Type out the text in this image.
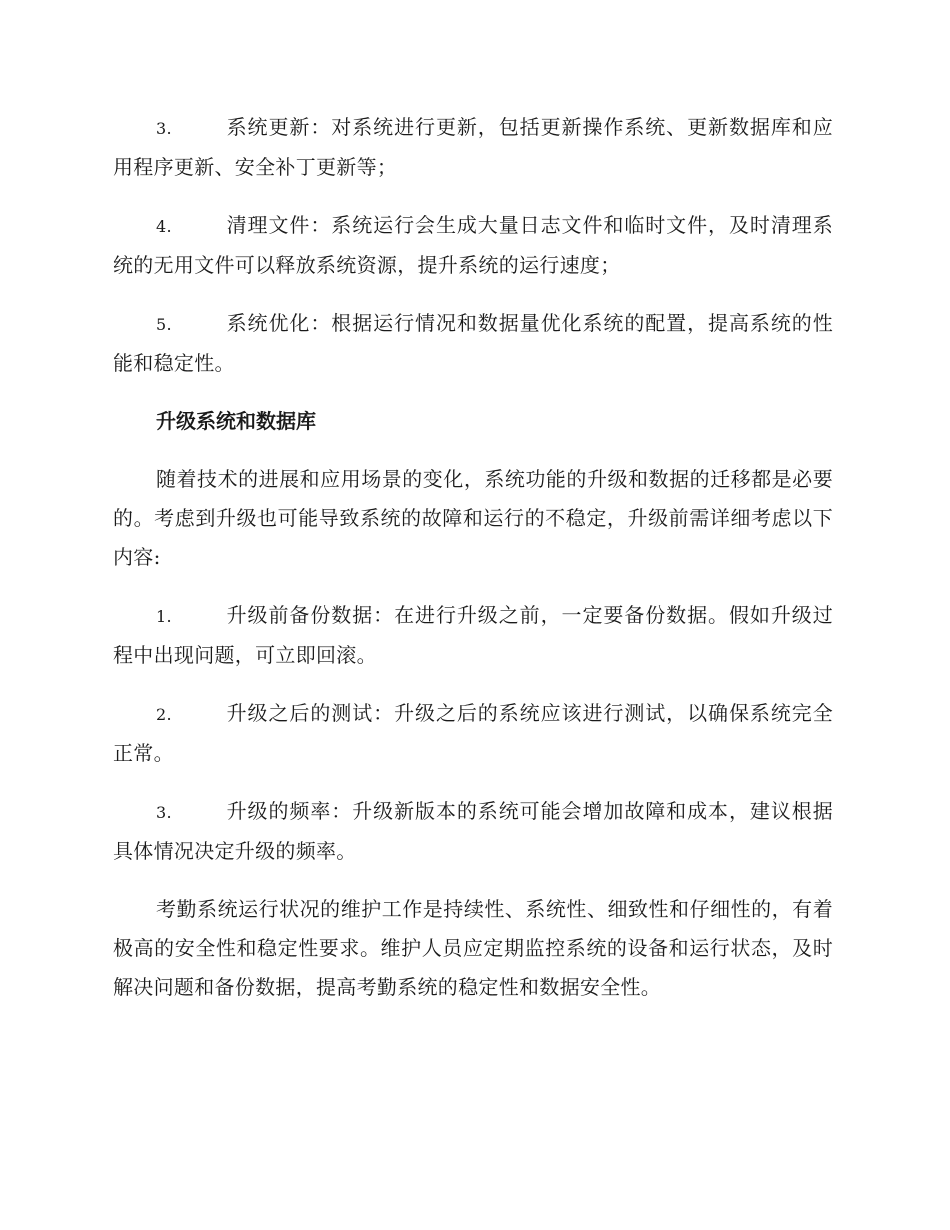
3.	系统更新：对系统进行更新，包括更新操作系统、更新数据库和应用程序更新、安全补丁更新等；

4.	清理文件：系统运行会生成大量日志文件和临时文件，及时清理系统的无用文件可以释放系统资源，提升系统的运行速度；

5.	系统优化：根据运行情况和数据量优化系统的配置，提高系统的性能和稳定性。

升级系统和数据库

随着技术的进展和应用场景的变化，系统功能的升级和数据的迁移都是必要的。考虑到升级也可能导致系统的故障和运行的不稳定，升级前需详细考虑以下内容:

1.	升级前备份数据：在进行升级之前，一定要备份数据。假如升级过程中出现问题，可立即回滚。

2.	升级之后的测试：升级之后的系统应该进行测试，以确保系统完全正常。

3.	升级的频率：升级新版本的系统可能会增加故障和成本，建议根据具体情况决定升级的频率。

考勤系统运行状况的维护工作是持续性、系统性、细致性和仔细性的，有着极高的安全性和稳定性要求。维护人员应定期监控系统的设备和运行状态，及时解决问题和备份数据，提高考勤系统的稳定性和数据安全性。
